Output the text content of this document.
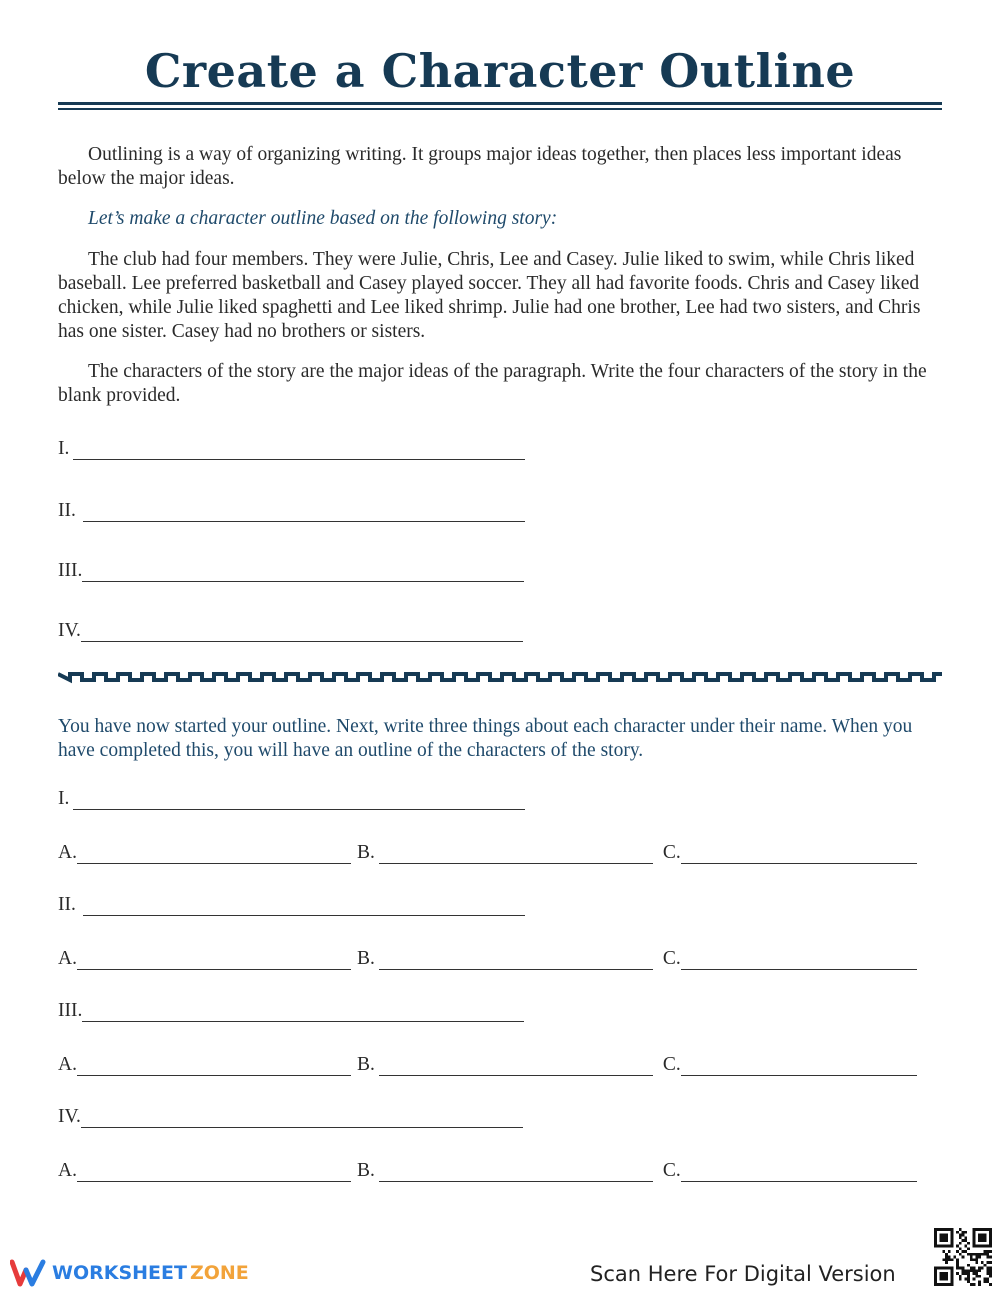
Create a Character Outline

Outlining is a way of organizing writing. It groups major ideas together, then places less important ideas below the major ideas.

Let’s make a character outline based on the following story:

The club had four members. They were Julie, Chris, Lee and Casey. Julie liked to swim, while Chris liked baseball. Lee preferred basketball and Casey played soccer. They all had favorite foods. Chris and Casey liked chicken, while Julie liked spaghetti and Lee liked shrimp. Julie had one brother, Lee had two sisters, and Chris has one sister. Casey had no brothers or sisters.

The characters of the story are the major ideas of the paragraph. Write the four characters of the story in the blank provided.

I.
II.
III.
IV.

You have now started your outline. Next, write three things about each character under their name. When you have completed this, you will have an outline of the characters of the story.

I.
A.	B.	C.
II.
A.	B.	C.
III.
A.	B.	C.
IV.
A.	B.	C.
WORKSHEET ZONE	Scan Here For Digital Version
